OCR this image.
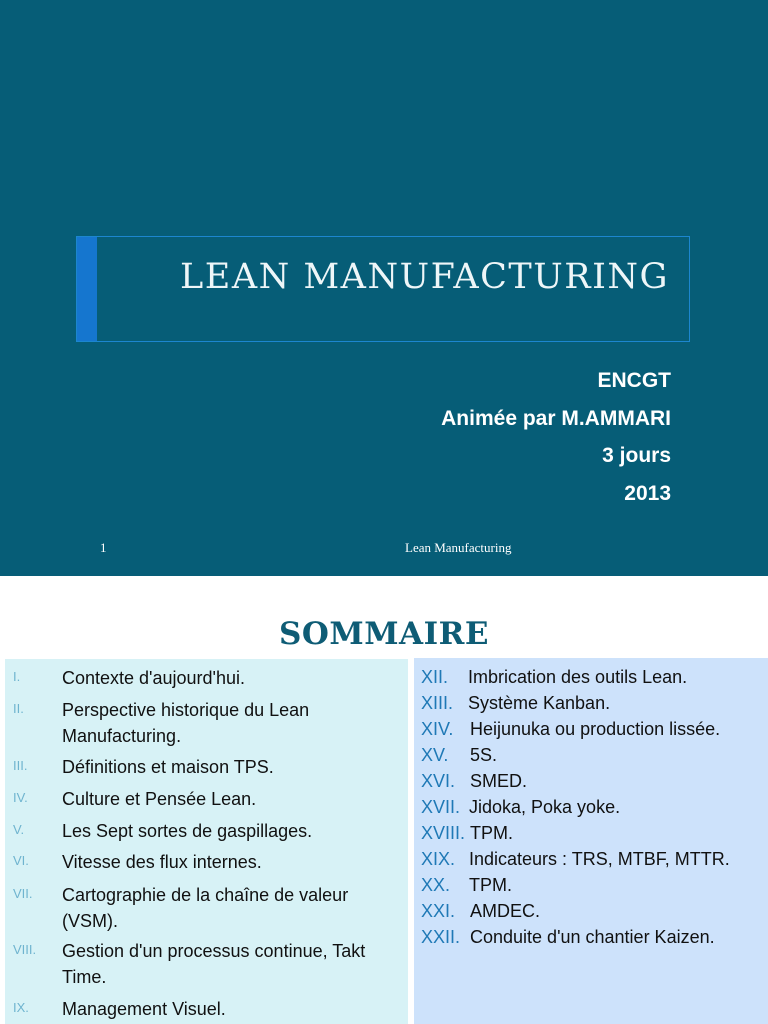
LEAN MANUFACTURING
ENCGT
Animée par M.AMMARI
3 jours
2013
1	Lean Manufacturing
SOMMAIRE
I. Contexte d'aujourd'hui.
II. Perspective historique du Lean Manufacturing.
III. Définitions et maison TPS.
IV. Culture et Pensée Lean.
V. Les Sept sortes de gaspillages.
VI. Vitesse des flux internes.
VII. Cartographie de la chaîne de valeur (VSM).
VIII. Gestion d'un processus continue, Takt Time.
IX. Management Visuel.
XII. Imbrication des outils Lean.
XIII. Système Kanban.
XIV. Heijunuka ou production lissée.
XV. 5S.
XVI. SMED.
XVII. Jidoka, Poka yoke.
XVIII. TPM.
XIX. Indicateurs : TRS, MTBF, MTTR.
XX. TPM.
XXI. AMDEC.
XXII. Conduite d'un chantier Kaizen.
